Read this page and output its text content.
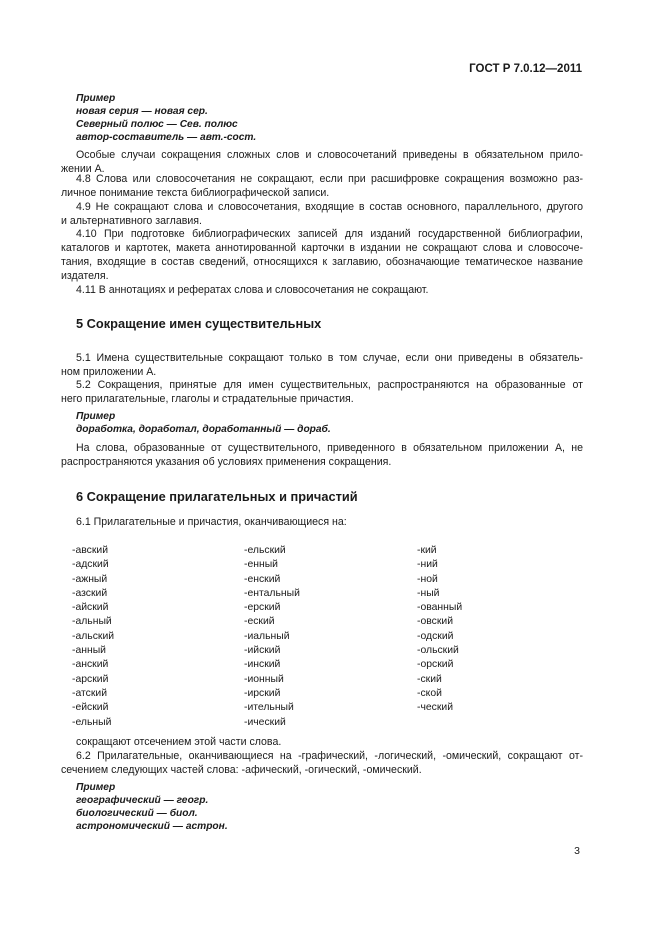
ГОСТ Р 7.0.12—2011
Пример
новая серия — новая сер.
Северный полюс — Сев. полюс
автор-составитель — авт.-сост.
Особые случаи сокращения сложных слов и словосочетаний приведены в обязательном прило-
жении А.
4.8 Слова или словосочетания не сокращают, если при расшифровке сокращения возможно раз-
личное понимание текста библиографической записи.
4.9 Не сокращают слова и словосочетания, входящие в состав основного, параллельного, другого
и альтернативного заглавия.
4.10 При подготовке библиографических записей для изданий государственной библиографии,
каталогов и картотек, макета аннотированной карточки в издании не сокращают слова и словосоче-
тания, входящие в состав сведений, относящихся к заглавию, обозначающие тематическое название
издателя.
4.11 В аннотациях и рефератах слова и словосочетания не сокращают.
5 Сокращение имен существительных
5.1 Имена существительные сокращают только в том случае, если они приведены в обязатель-
ном приложении А.
5.2 Сокращения, принятые для имен существительных, распространяются на образованные от
него прилагательные, глаголы и страдательные причастия.
Пример
доработка, доработал, доработанный — дораб.
На слова, образованные от существительного, приведенного в обязательном приложении А, не
распространяются указания об условиях применения сокращения.
6 Сокращение прилагательных и причастий
6.1 Прилагательные и причастия, оканчивающиеся на:
-авский
-адский
-ажный
-азский
-айский
-альный
-альский
-анный
-анский
-арский
-атский
-ейский
-ельный
-ельский
-енный
-енский
-ентальный
-ерский
-еский
-иальный
-ийский
-инский
-ионный
-ирский
-ительный
-ический
-кий
-ний
-ной
-ный
-ованный
-овский
-одский
-ольский
-орский
-ский
-ской
-ческий
сокращают отсечением этой части слова.
6.2 Прилагательные, оканчивающиеся на -графический, -логический, -омический, сокращают от-
сечением следующих частей слова: -афический, -огический, -омический.
Пример
географический — геогр.
биологический — биол.
астрономический — астрон.
3
